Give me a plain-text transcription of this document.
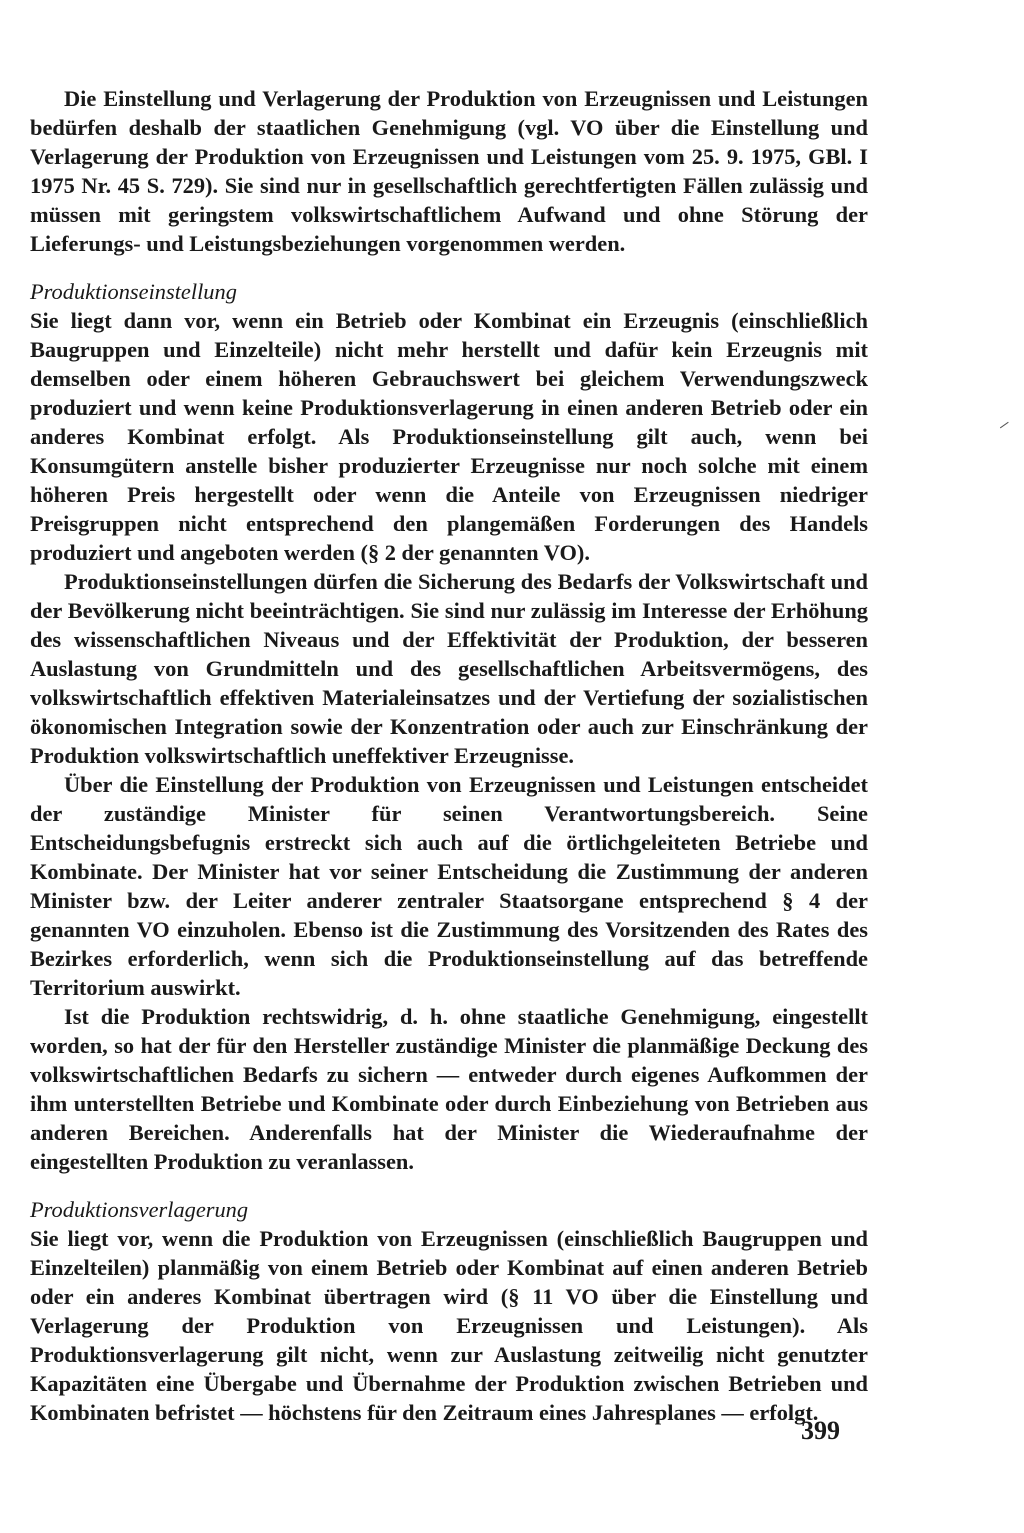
Die Einstellung und Verlagerung der Produktion von Erzeugnissen und Leistungen bedürfen deshalb der staatlichen Genehmigung (vgl. VO über die Einstellung und Verlagerung der Produktion von Erzeugnissen und Leistungen vom 25. 9. 1975, GBl. I 1975 Nr. 45 S. 729). Sie sind nur in gesellschaftlich gerechtfertigten Fällen zulässig und müssen mit geringstem volkswirtschaftlichem Aufwand und ohne Störung der Lieferungs- und Leistungsbeziehungen vorgenommen werden.

Produktionseinstellung

Sie liegt dann vor, wenn ein Betrieb oder Kombinat ein Erzeugnis (einschließlich Baugruppen und Einzelteile) nicht mehr herstellt und dafür kein Erzeugnis mit demselben oder einem höheren Gebrauchswert bei gleichem Verwendungszweck produziert und wenn keine Produktionsverlagerung in einen anderen Betrieb oder ein anderes Kombinat erfolgt. Als Produktionseinstellung gilt auch, wenn bei Konsumgütern anstelle bisher produzierter Erzeugnisse nur noch solche mit einem höheren Preis hergestellt oder wenn die Anteile von Erzeugnissen niedriger Preisgruppen nicht entsprechend den plangemäßen Forderungen des Handels produziert und angeboten werden (§ 2 der genannten VO).

Produktionseinstellungen dürfen die Sicherung des Bedarfs der Volkswirtschaft und der Bevölkerung nicht beeinträchtigen. Sie sind nur zulässig im Interesse der Erhöhung des wissenschaftlichen Niveaus und der Effektivität der Produktion, der besseren Auslastung von Grundmitteln und des gesellschaftlichen Arbeitsvermögens, des volkswirtschaftlich effektiven Materialeinsatzes und der Vertiefung der sozialistischen ökonomischen Integration sowie der Konzentration oder auch zur Einschränkung der Produktion volkswirtschaftlich uneffektiver Erzeugnisse.

Über die Einstellung der Produktion von Erzeugnissen und Leistungen entscheidet der zuständige Minister für seinen Verantwortungsbereich. Seine Entscheidungsbefugnis erstreckt sich auch auf die örtlichgeleiteten Betriebe und Kombinate. Der Minister hat vor seiner Entscheidung die Zustimmung der anderen Minister bzw. der Leiter anderer zentraler Staatsorgane entsprechend § 4 der genannten VO einzuholen. Ebenso ist die Zustimmung des Vorsitzenden des Rates des Bezirkes erforderlich, wenn sich die Produktionseinstellung auf das betreffende Territorium auswirkt.

Ist die Produktion rechtswidrig, d. h. ohne staatliche Genehmigung, eingestellt worden, so hat der für den Hersteller zuständige Minister die planmäßige Deckung des volkswirtschaftlichen Bedarfs zu sichern — entweder durch eigenes Aufkommen der ihm unterstellten Betriebe und Kombinate oder durch Einbeziehung von Betrieben aus anderen Bereichen. Anderenfalls hat der Minister die Wiederaufnahme der eingestellten Produktion zu veranlassen.

Produktionsverlagerung

Sie liegt vor, wenn die Produktion von Erzeugnissen (einschließlich Baugruppen und Einzelteilen) planmäßig von einem Betrieb oder Kombinat auf einen anderen Betrieb oder ein anderes Kombinat übertragen wird (§ 11 VO über die Einstellung und Verlagerung der Produktion von Erzeugnissen und Leistungen). Als Produktionsverlagerung gilt nicht, wenn zur Auslastung zeitweilig nicht genutzter Kapazitäten eine Übergabe und Übernahme der Produktion zwischen Betrieben und Kombinaten befristet — höchstens für den Zeitraum eines Jahresplanes — erfolgt.

399
